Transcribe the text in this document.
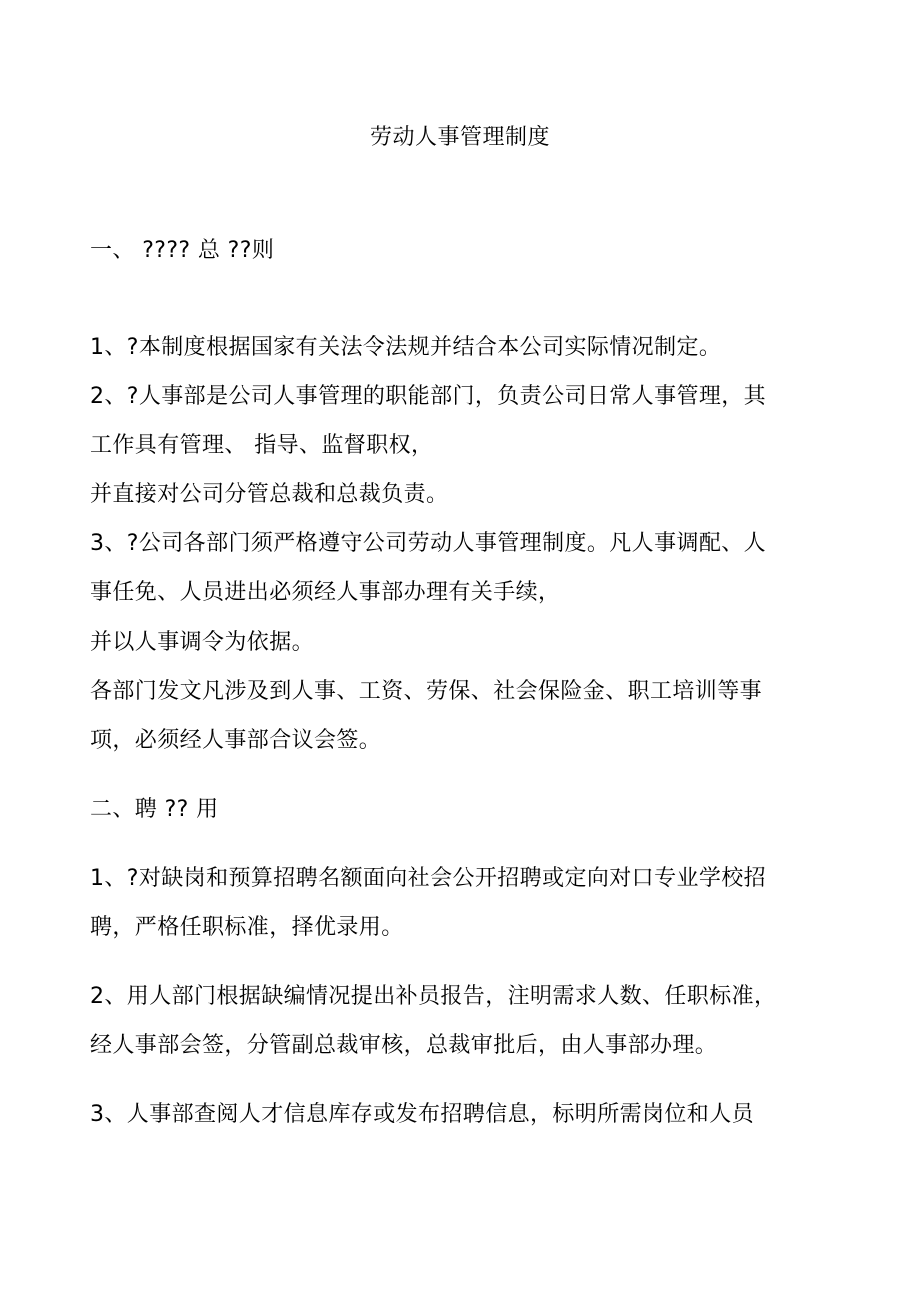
劳动人事管理制度
一、 ???? 总 ??则
1、?本制度根据国家有关法令法规并结合本公司实际情况制定。
2、?人事部是公司人事管理的职能部门，负责公司日常人事管理，其
工作具有管理、 指导、监督职权，
并直接对公司分管总裁和总裁负责。
3、?公司各部门须严格遵守公司劳动人事管理制度。凡人事调配、人
事任免、人员进出必须经人事部办理有关手续，
并以人事调令为依据。
各部门发文凡涉及到人事、工资、劳保、社会保险金、职工培训等事
项，必须经人事部合议会签。
二、聘 ?? 用
1、?对缺岗和预算招聘名额面向社会公开招聘或定向对口专业学校招
聘，严格任职标准，择优录用。
2、用人部门根据缺编情况提出补员报告，注明需求人数、任职标准，
经人事部会签，分管副总裁审核，总裁审批后，由人事部办理。
3、人事部查阅人才信息库存或发布招聘信息，标明所需岗位和人员
